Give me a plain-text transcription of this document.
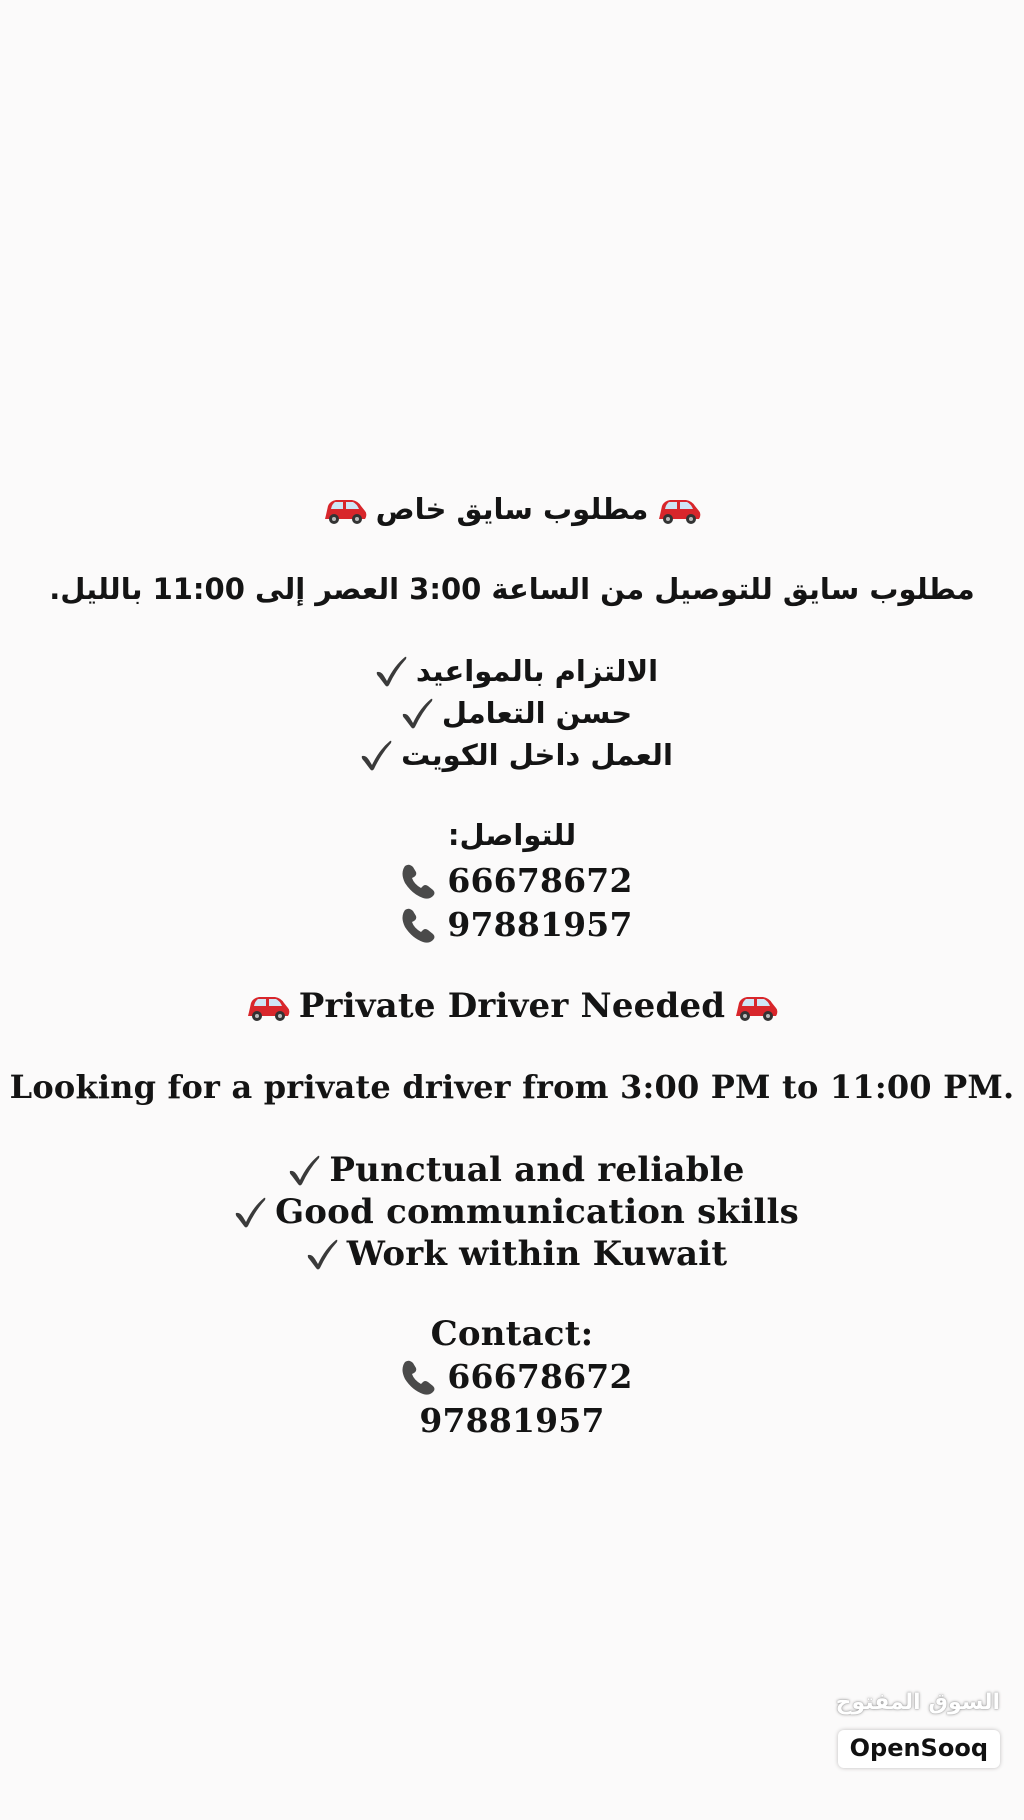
مطلوب سايق خاص
مطلوب سايق للتوصيل من الساعة 3:00 العصر إلى 11:00 بالليل.
الالتزام بالمواعيد
حسن التعامل
العمل داخل الكويت
للتواصل:
66678672
97881957
Private Driver Needed
Looking for a private driver from 3:00 PM to 11:00 PM.
Punctual and reliable
Good communication skills
Work within Kuwait
Contact:
66678672
97881957
السوق المفتوح
OpenSooq
